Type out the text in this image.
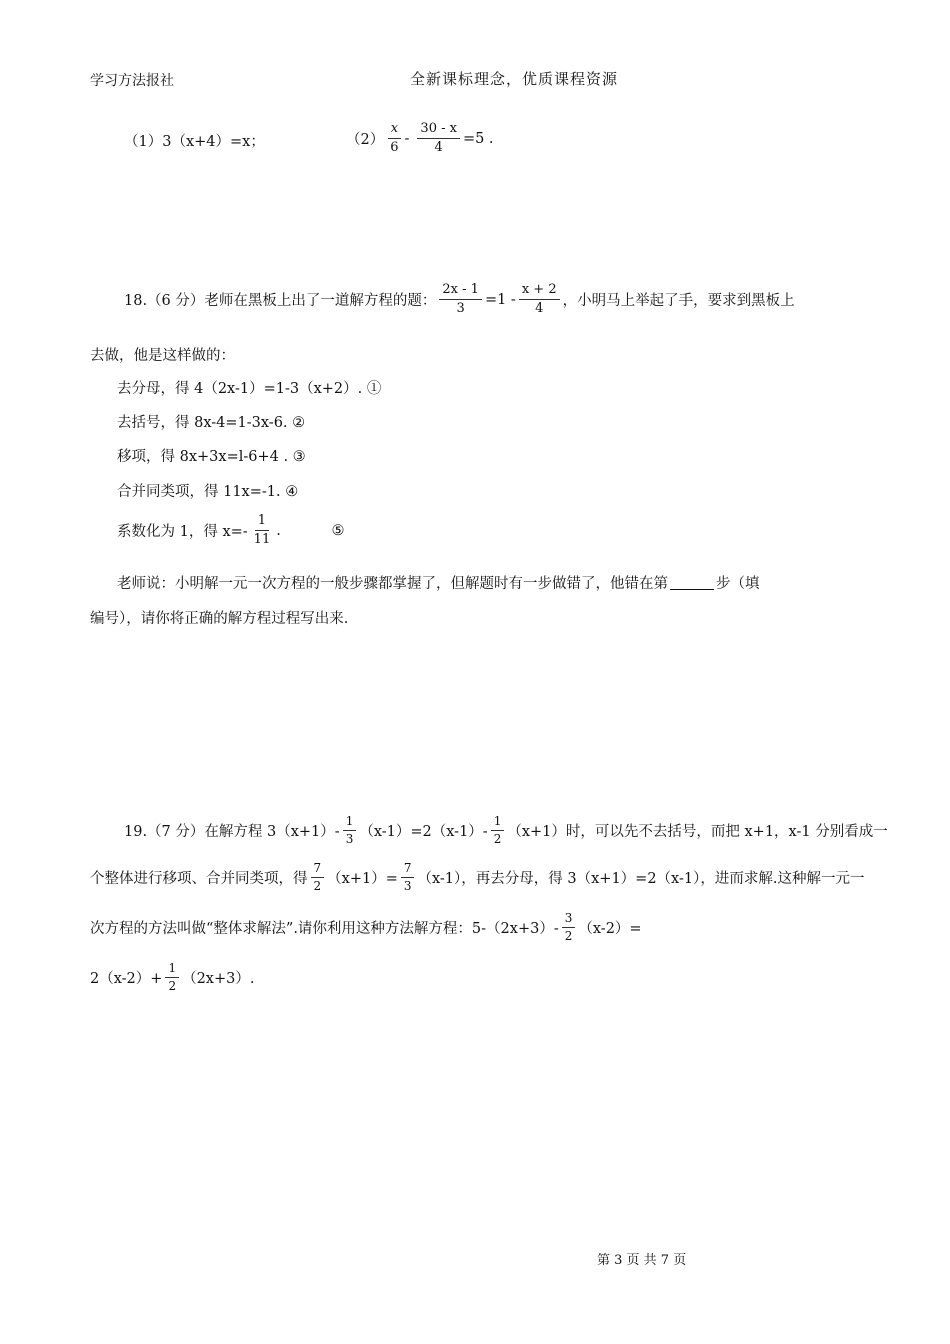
学习方法报社	全新课标理念，优质课程资源
（1）3（x+4）=x；	$(2) \frac{x}{6} - \frac{30 - x}{4} =5$ .
18.（6 分）老师在黑板上出了一道解方程的题： $\frac{2x - 1}{3} =1 - \frac{x + 2}{4}$ ，小明马上举起了手，要求到黑板上
去做，他是这样做的：
去分母，得 4（2x-1）=1-3（x+2）. ①
去括号，得 8x-4=1-3x-6. ②
移项，得 8x+3x=l-6+4 . ③
合并同类项，得 11x=-1. ④
系数化为 1，得 $x=- \frac{1}{11}$ .           ⑤
老师说：小明解一元一次方程的一般步骤都掌握了，但解题时有一步做错了，他错在第	步（填
编号），请你将正确的解方程过程写出来.
19.（7 分）在解方程 $3(x+1)- \frac{1}{3} (x-1)=2(x-1)- \frac{1}{2} (x+1)$时，可以先不去括号，而把 x+1，x-1 分别看成一
个整体进行移项、合并同类项，得 $\frac{7}{2} (x+1)= \frac{7}{3} (x-1)$，再去分母，得 3（x+1）=2（x-1），进而求解.这种解一元一
次方程的方法叫做“整体求解法”.请你利用这种方法解方程：$5-(2x+3)- \frac{3}{2} (x-2)=$
$2(x-2)+ \frac{1}{2} (2x+3)$.
第 3 页 共 7 页
